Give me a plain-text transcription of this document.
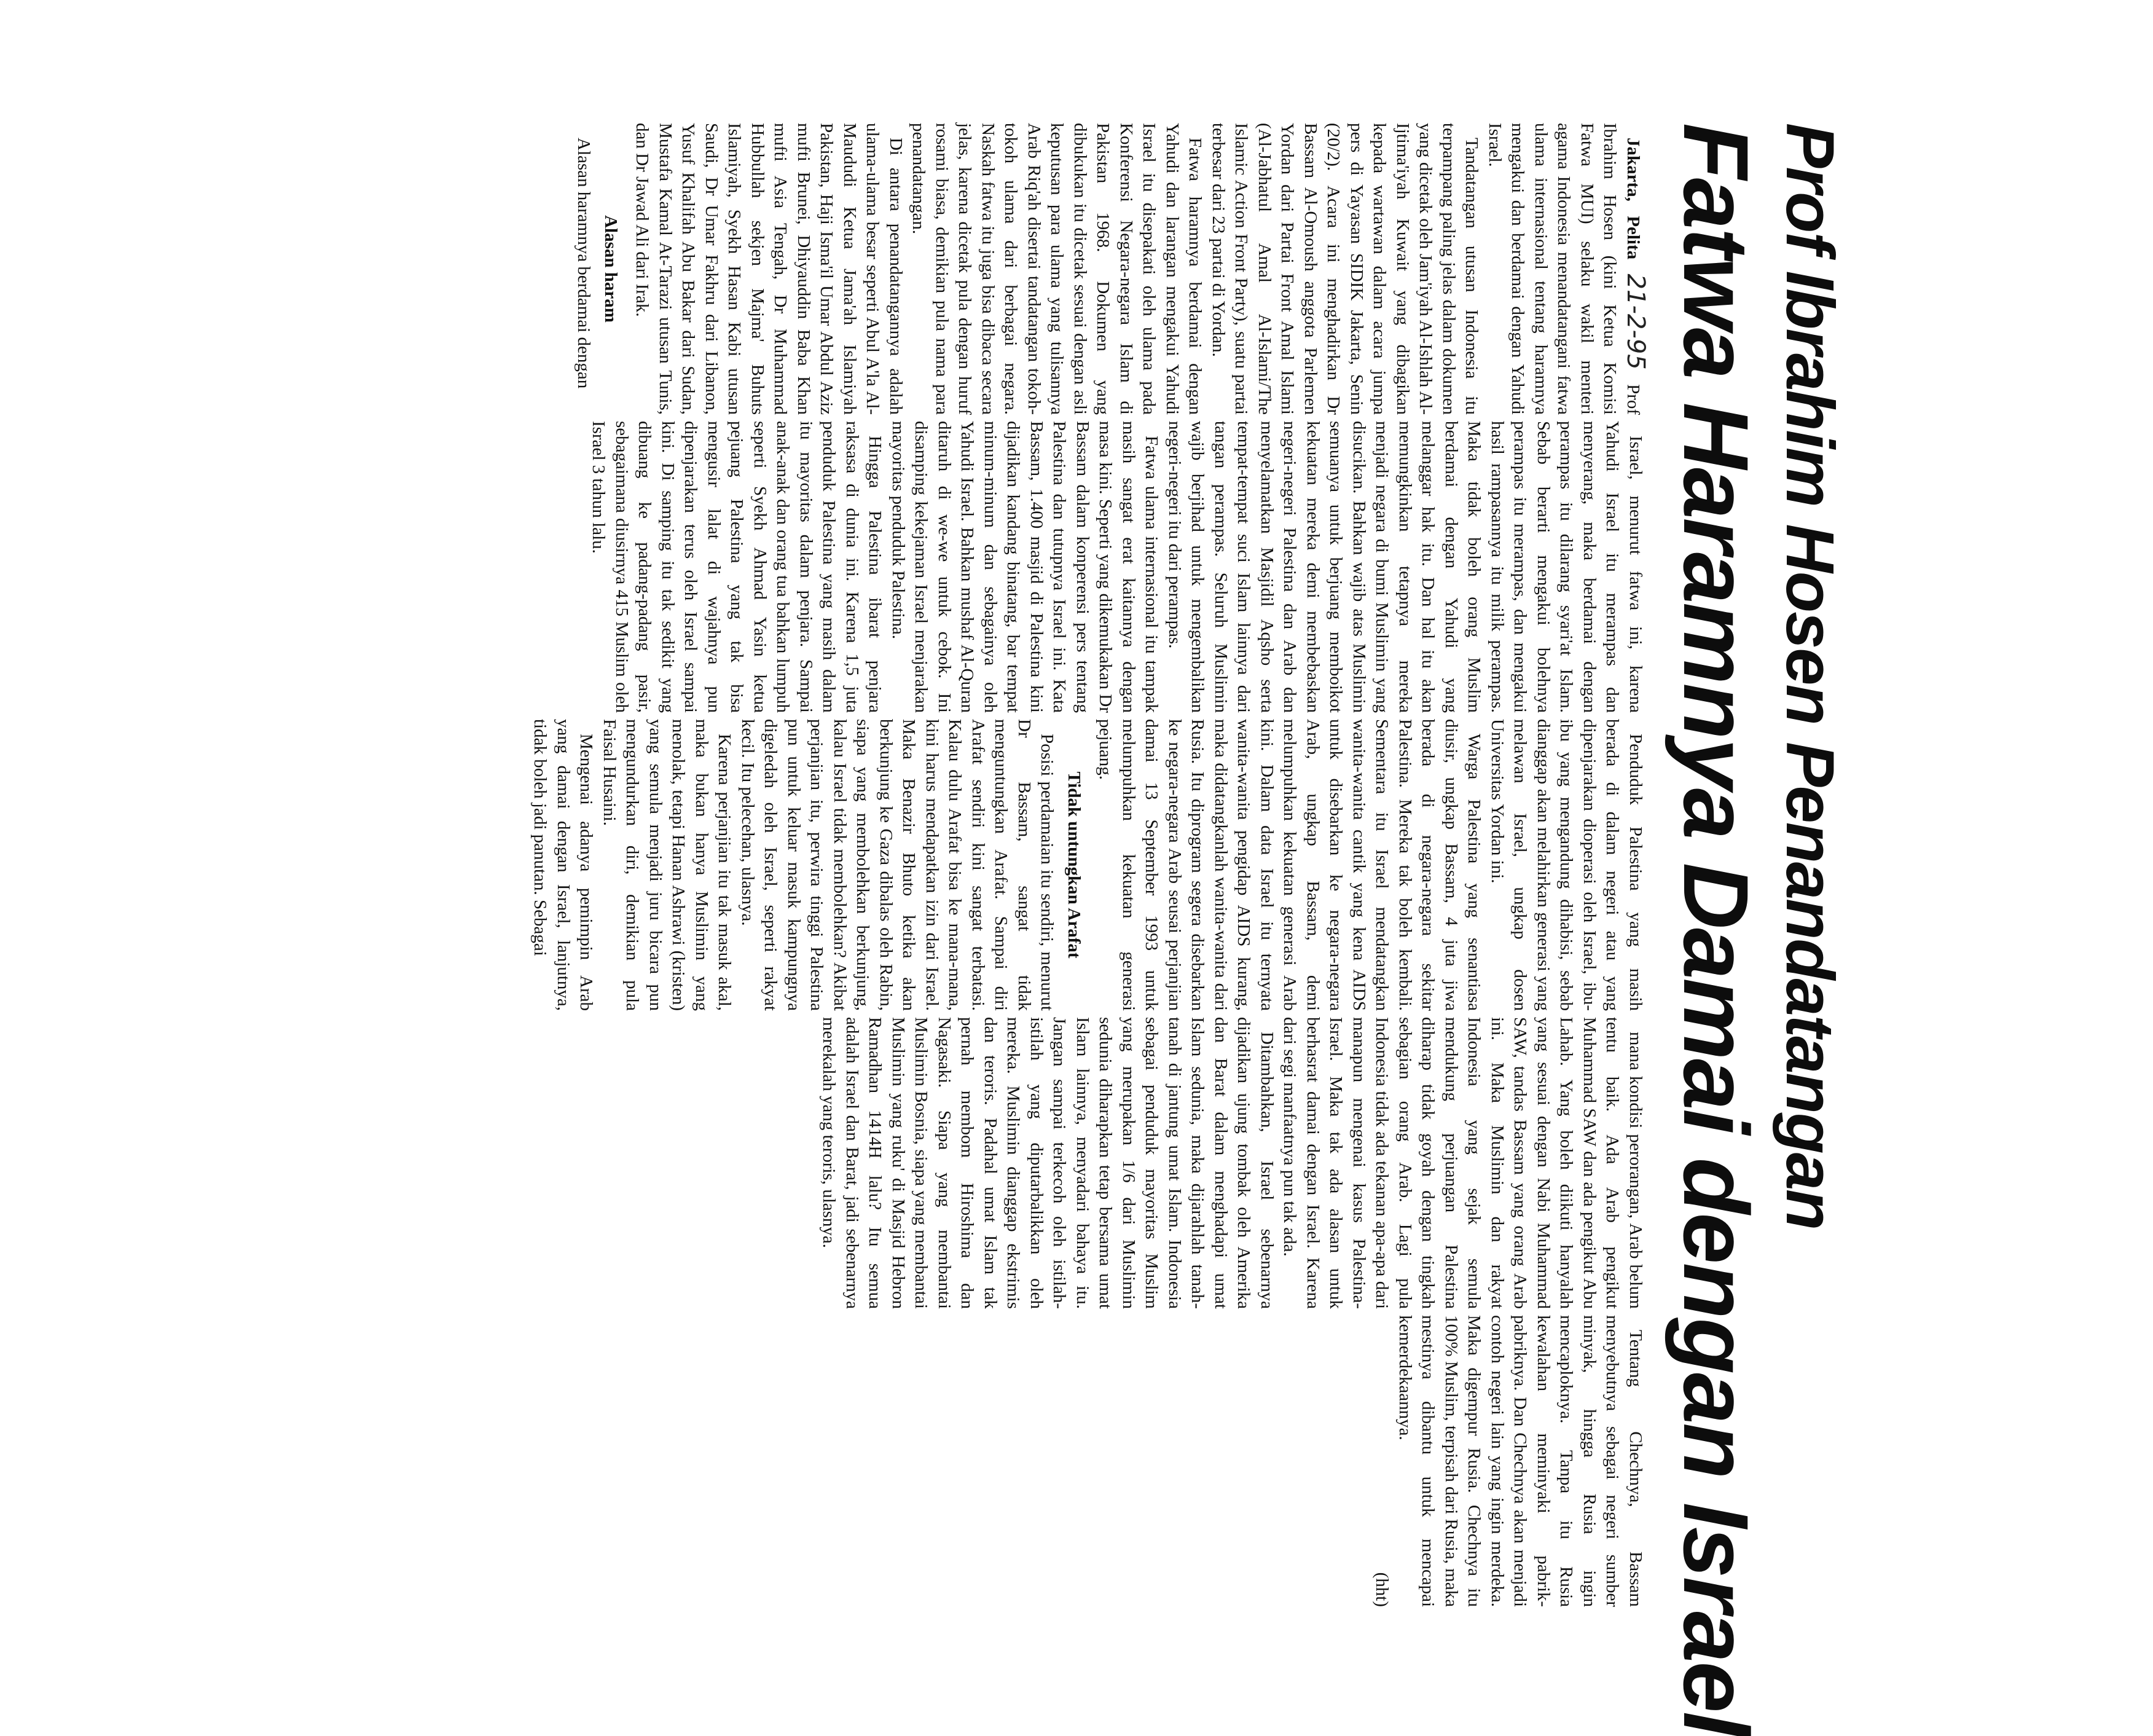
Prof Ibrahim Hosen Penandatangan
Fatwa Haramnya Damai dengan Israel

Jakarta, Pelita 21-2-95 Prof Ibrahim Hosen (kini Ketua Komisi Fatwa MUI) selaku wakil menteri agama Indonesia menandatangani fatwa ulama internasional tentang haramnya mengakui dan berdamai dengan Yahudi Israel.

Tandatangan utusan Indonesia itu terpampang paling jelas dalam dokumen yang dicetak oleh Jam'iyah Al-Ishlah Al-Ijtima'iyah Kuwait yang dibagikan kepada wartawan dalam acara jumpa pers di Yayasan SIDIK Jakarta, Senin (20/2). Acara ini menghadirkan Dr Bassam Al-Omoush anggota Parlemen Yordan dari Partai Front Amal Islami (Al-Jabhatul Amal Al-Islami/The Islamic Action Front Party), suatu partai terbesar dari 23 partai di Yordan.

Fatwa haramnya berdamai dengan Yahudi dan larangan mengakui Yahudi Israel itu disepakati oleh ulama pada Konferensi Negara-negara Islam di Pakistan 1968. Dokumen yang dibukukan itu dicetak sesuai dengan asli keputusan para ulama yang tulisannya Arab Riq'ah disertai tandatangan tokoh-tokoh ulama dari berbagai negara. Naskah fatwa itu juga bisa dibaca secara jelas, karena dicetak pula dengan huruf rosami biasa, demikian pula nama para penandatangan.

Di antara penandatangannya adalah ulama-ulama besar seperti Abul A'la Al-Maududi Ketua Jama'ah Islamiyah Pakistan, Haji Isma'il Umar Abdul Aziz mufti Brunei, Dhiyauddin Baba Khan mufti Asia Tengah, Dr Muhammad Hubbullah sekjen Majma' Buhuts Islamiyah, Syekh Hasan Kabi utusan Saudi, Dr Umar Fakhru dari Libanon, Yusuf Khalifah Abu Bakar dari Sudan, Mustafa Kamal At-Tarazi utusan Tunis, dan Dr Jawad Ali dari Irak.

Alasan haram

Alasan haramnya berdamai dengan

Israel, menurut fatwa ini, karena Yahudi Israel itu merampas dan menyerang, maka berdamai dengan perampas itu dilarang syari'at Islam. Sebab berarti mengakui bolehnya perampas itu merampas, dan mengakui hasil rampasannya itu milik perampas. Maka tidak boleh orang Muslim berdamai dengan Yahudi yang melanggar hak itu. Dan hal itu akan memungkinkan tetapnya mereka menjadi negara di bumi Muslimin yang disucikan. Bahkan wajib atas Muslimin semuanya untuk berjuang memboikot kekuatan mereka demi membebaskan negeri-negeri Palestina dan Arab dan menyelamatkan Masjidil Aqsho serta tempat-tempat suci Islam lainnya dari tangan perampas. Seluruh Muslimin wajib berjihad untuk mengembalikan negeri-negeri itu dari perampas.

Fatwa ulama internasional itu tampak masih sangat erat kaitannya dengan masa kini. Seperti yang dikemukakan Dr Bassam dalam konperensi pers tentang Palestina dan tutupnya Israel ini. Kata Bassam, 1.400 masjid di Palestina kini dijadikan kandang binatang, bar tempat minum-minum dan sebagainya oleh Yahudi Israel. Bahkan mushaf Al-Quran ditaruh di we-we untuk cebok. Ini disamping kekejaman Israel menjarakan mayoritas penduduk Palestina.

Hingga Palestina ibarat penjara raksasa di dunia ini. Karena 1,5 juta penduduk Palestina yang masih dalam itu mayoritas dalam penjara. Sampai anak-anak dan orang tua bahkan lumpuh seperti Syekh Ahmad Yasin ketua pejuang Palestina yang tak bisa mengusir lalat di wajahnya pun dipenjarakan terus oleh Israel sampai kini. Di samping itu tak sedikit yang dibuang ke padang-padang pasir, sebagaimana diusirnya 415 Muslim oleh Israel 3 tahun lalu.

Penduduk Palestina yang masih berada di dalam negeri atau yang dipenjarakan dioperasi oleh Israel, ibu-ibu yang mengandung dihabisi, sebab dianggap akan melahirkan generasi yang melawan Israel, ungkap dosen Universitas Yordan ini.

Warga Palestina yang senantiasa diusir, ungkap Bassam, 4 juta jiwa berada di negara-negara sekitar Palestina. Mereka tak boleh kembali. Sementara itu Israel mendatangkan wanita-wanita cantik yang kena AIDS untuk disebarkan ke negara-negara Arab, ungkap Bassam, demi melumpuhkan kekuatan generasi Arab kini. Dalam data Israel itu ternyata wanita-wanita pengidap AIDS kurang, maka didatangkanlah wanita-wanita dari Rusia. Itu diprogram segera disebarkan ke negara-negara Arab seusai perjanjian damai 13 September 1993 untuk melumpuhkan kekuatan generasi pejuang.

Tidak untungkan Arafat

Posisi perdamaian itu sendiri, menurut Dr Bassam, sangat tidak menguntungkan Arafat. Sampai diri Arafat sendiri kini sangat terbatasi. Kalau dulu Arafat bisa ke mana-mana, kini harus mendapatkan izin dari Israel. Maka Benazir Bhuto ketika akan berkunjung ke Gaza dibalas oleh Rabin, siapa yang membolehkan berkunjung, kalau Israel tidak membolehkan? Akibat perjanjian itu, perwira tinggi Palestina pun untuk keluar masuk kampungnya digeledah oleh Israel, seperti rakyat kecil. Itu pelecehan, ulasnya.

Karena perjanjian itu tak masuk akal, maka bukan hanya Muslimin yang menolak, tetapi Hanan Ashrawi (kristen) yang semula menjadi juru bicara pun mengundurkan diri, demikian pula Faisal Husaini.

Mengenai adanya pemimpin Arab yang damai dengan Israel, lanjutnya, tidak boleh jadi panutan. Sebagai

mana kondisi perorangan, Arab belum tentu baik. Ada Arab pengikut Muhammad SAW dan ada pengikut Abu Lahab. Yang boleh diikuti hanyalah yang sesuai dengan Nabi Muhammad SAW, tandas Bassam yang orang Arab ini. Maka Muslimin dan rakyat Indonesia yang sejak semula mendukung perjuangan Palestina diharap tidak goyah dengan tingkah sebagian orang Arab. Lagi pula Indonesia tidak ada tekanan apa-apa dari manapun mengenai kasus Palestina-Israel. Maka tak ada alasan untuk berhasrat damai dengan Israel. Karena dari segi manfaatnya pun tak ada.

Ditambahkan, Israel sebenarnya dijadikan ujung tombak oleh Amerika dan Barat dalam menghadapi umat Islam sedunia, maka dijarahlah tanah-tanah di jantung umat Islam. Indonesia sebagai penduduk mayoritas Muslim yang merupakan 1/6 dari Muslimin sedunia diharapkan tetap bersama umat Islam lainnya, menyadari bahaya itu. Jangan sampai terkecoh oleh istilah-istilah yang diputarbalikkan oleh mereka. Muslimin dianggap ekstrimis dan teroris. Padahal umat Islam tak pernah membom Hiroshima dan Nagasaki. Siapa yang membantai Muslimin Bosnia, siapa yang membantai Muslimin yang ruku' di Masjid Hebron Ramadhan 1414H lalu? Itu semua adalah Israel dan Barat, jadi sebenarnya merekalah yang teroris, ulasnya.

Tentang Chechnya, Bassam menyebutnya sebagai negeri sumber minyak, hingga Rusia ingin mencaploknya. Tanpa itu Rusia kewalahan meminyaki pabrik-pabriknya. Dan Chechnya akan menjadi contoh negeri lain yang ingin merdeka. Maka digempur Rusia. Chechnya itu 100% Muslim, terpisah dari Rusia, maka mestinya dibantu untuk mencapai kemerdekaannya.

(hht)
